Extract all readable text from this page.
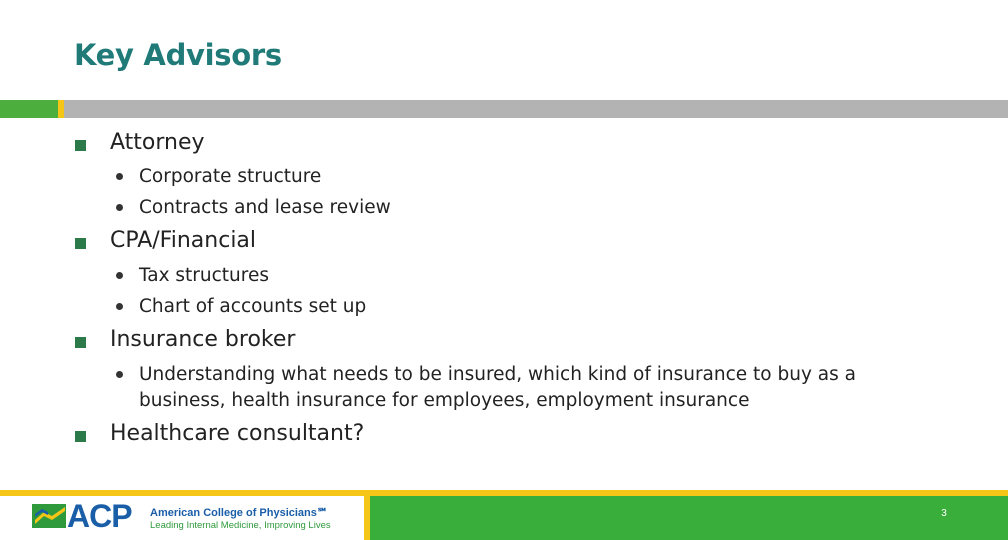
Key Advisors
Attorney
Corporate structure
Contracts and lease review
CPA/Financial
Tax structures
Chart of accounts set up
Insurance broker
Understanding what needs to be insured, which kind of insurance to buy as a
business, health insurance for employees, employment insurance
Healthcare consultant?
3
ACP American College of Physicians℠
Leading Internal Medicine, Improving Lives
